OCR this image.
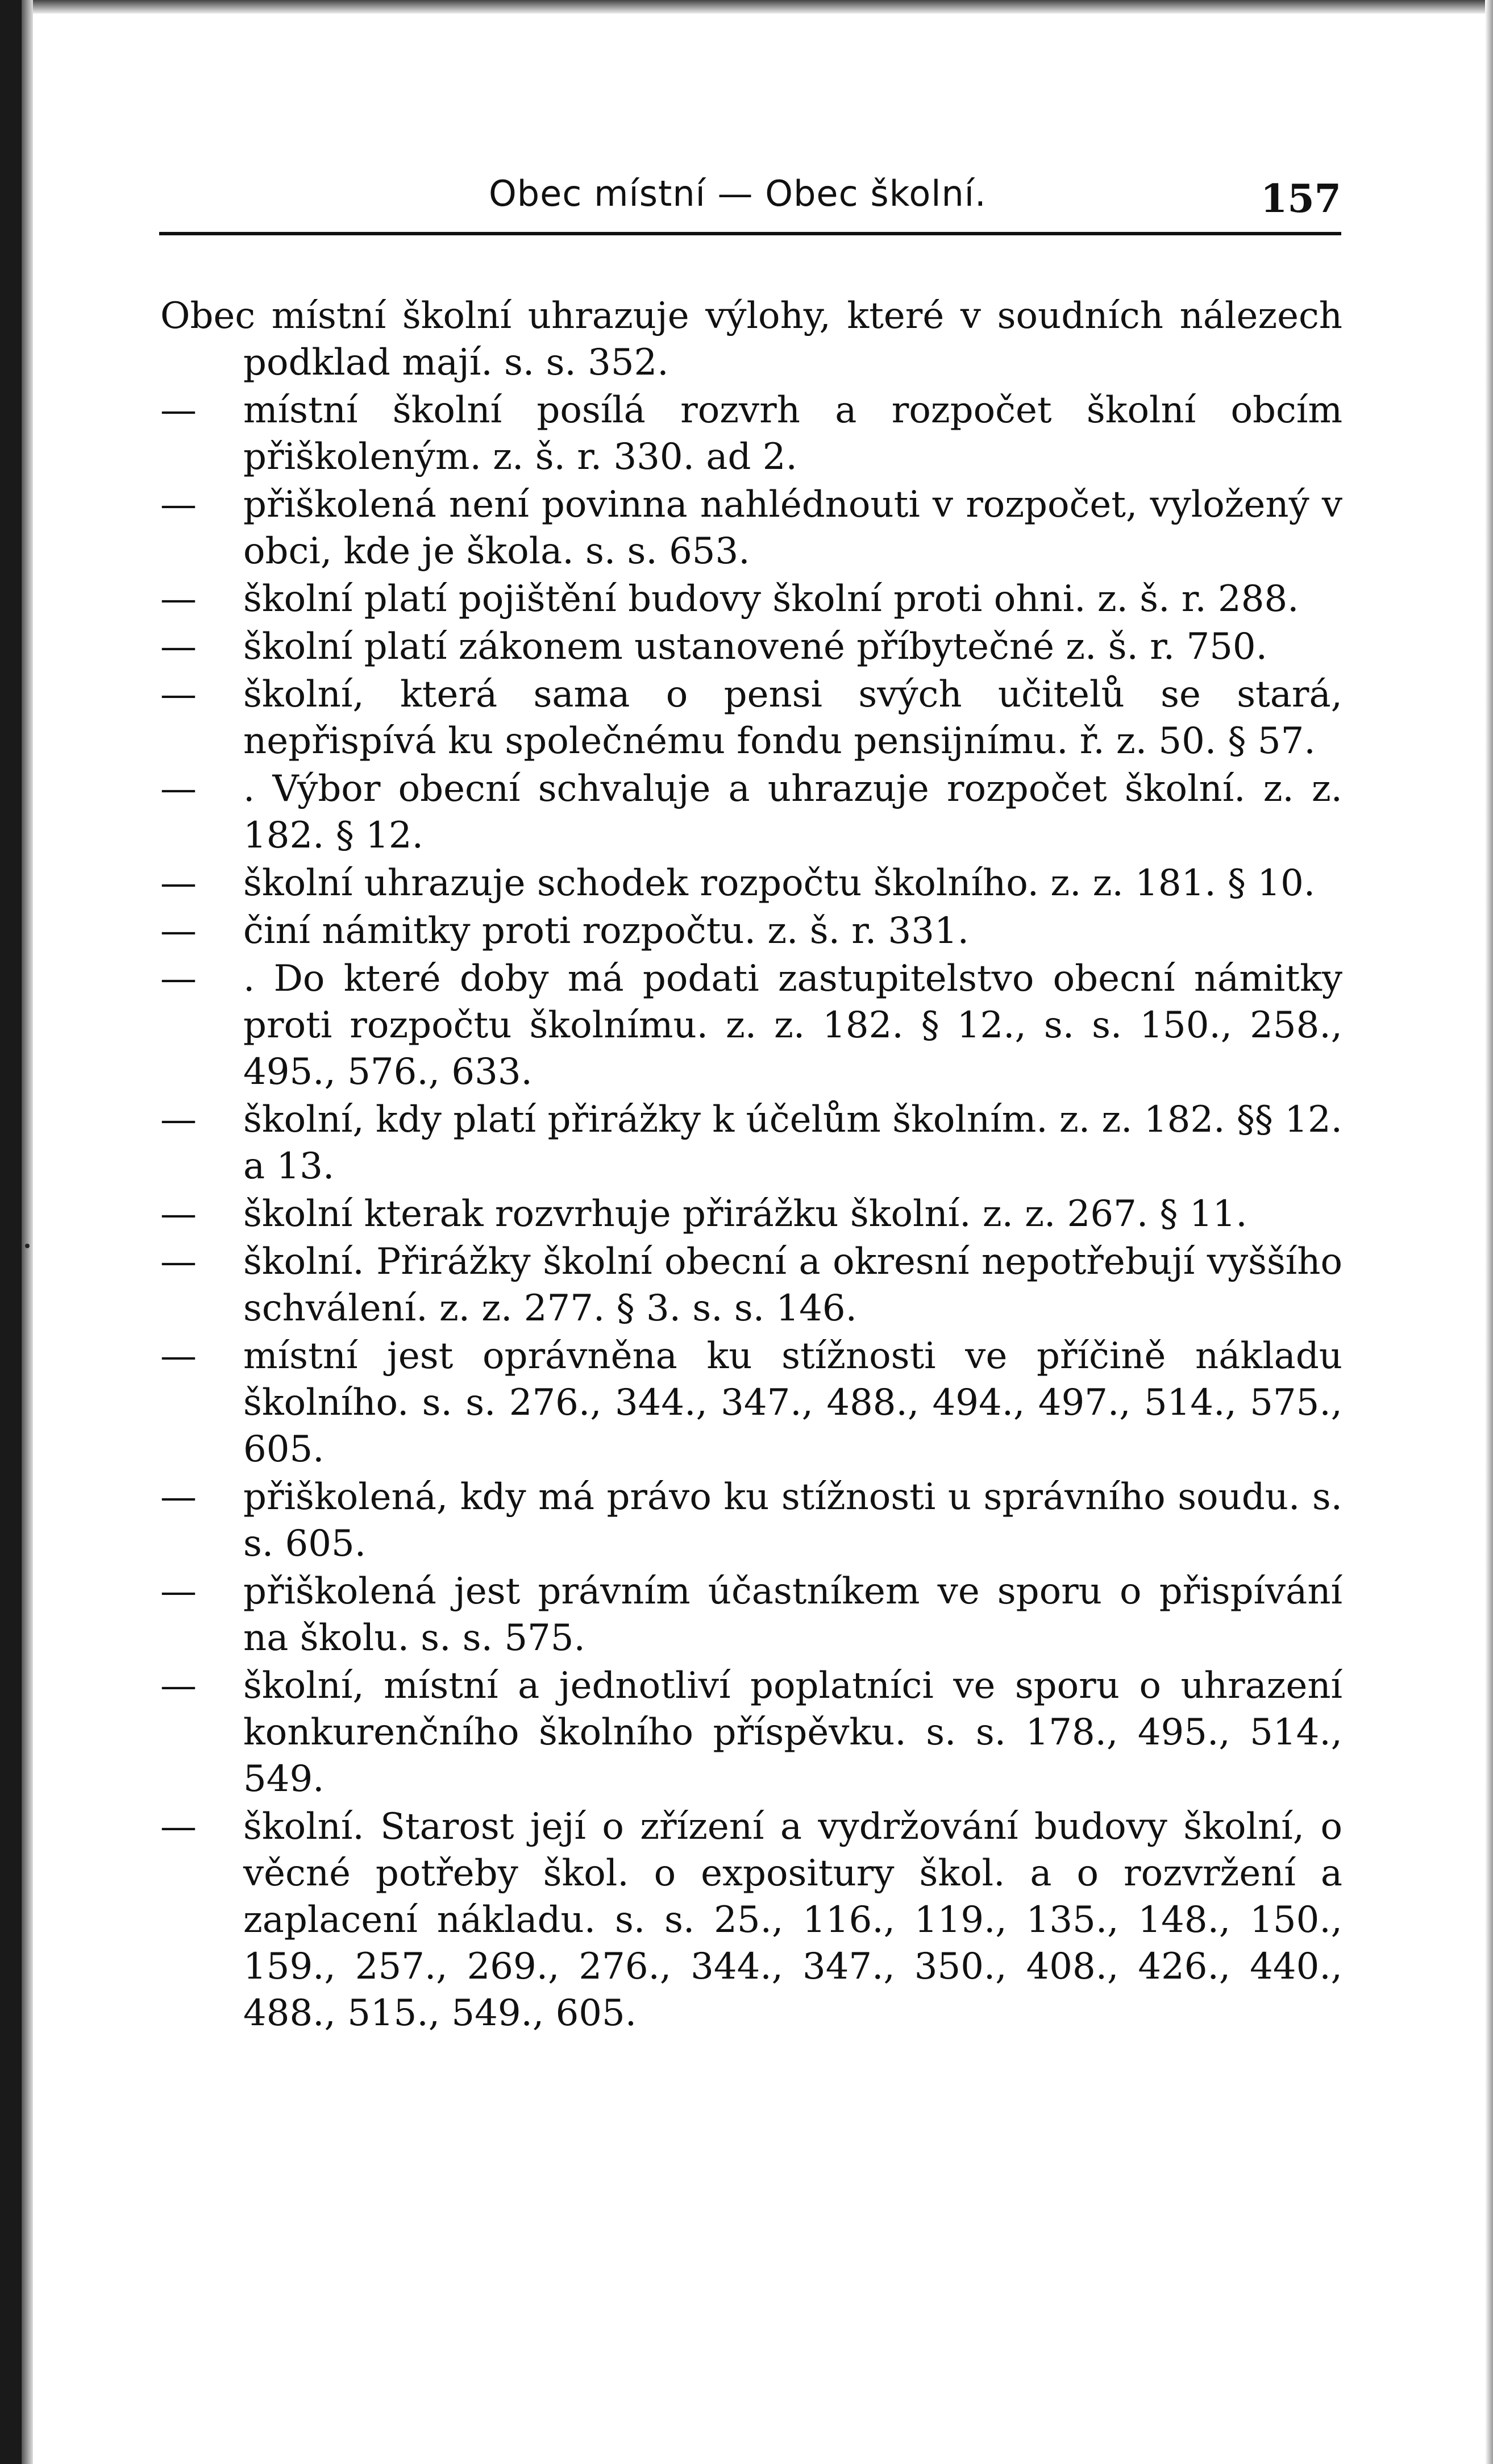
Obec místní — Obec školní.	157
Obec místní školní uhrazuje výlohy, které v soudních nálezech podklad mají. s. s. 352.
— místní školní posílá rozvrh a rozpočet školní obcím přiškoleným. z. š. r. 330. ad 2.
— přiškolená není povinna nahlédnouti v rozpočet, vyložený v obci, kde je škola. s. s. 653.
— školní platí pojištění budovy školní proti ohni. z. š. r. 288.
— školní platí zákonem ustanovené příbytečné z. š. r. 750.
— školní, která sama o pensi svých učitelů se stará, nepřispívá ku společnému fondu pensijnímu. ř. z. 50. § 57.
— . Výbor obecní schvaluje a uhrazuje rozpočet školní. z. z. 182. § 12.
— školní uhrazuje schodek rozpočtu školního. z. z. 181. § 10.
— činí námitky proti rozpočtu. z. š. r. 331.
— . Do které doby má podati zastupitelstvo obecní námitky proti rozpočtu školnímu. z. z. 182. § 12., s. s. 150., 258., 495., 576., 633.
— školní, kdy platí přirážky k účelům školním. z. z. 182. §§ 12. a 13.
— školní kterak rozvrhuje přirážku školní. z. z. 267. § 11.
— školní. Přirážky školní obecní a okresní nepotřebují vyššího schválení. z. z. 277. § 3. s. s. 146.
— místní jest oprávněna ku stížnosti ve příčině nákladu školního. s. s. 276., 344., 347., 488., 494., 497., 514., 575., 605.
— přiškolená, kdy má právo ku stížnosti u správního soudu. s. s. 605.
— přiškolená jest právním účastníkem ve sporu o přispívání na školu. s. s. 575.
— školní, místní a jednotliví poplatníci ve sporu o uhrazení konkurenčního školního příspěvku. s. s. 178., 495., 514., 549.
— školní. Starost její o zřízení a vydržování budovy školní, o věcné potřeby škol. o expositury škol. a o rozvržení a zaplacení nákladu. s. s. 25., 116., 119., 135., 148., 150., 159., 257., 269., 276., 344., 347., 350., 408., 426., 440., 488., 515., 549., 605.
